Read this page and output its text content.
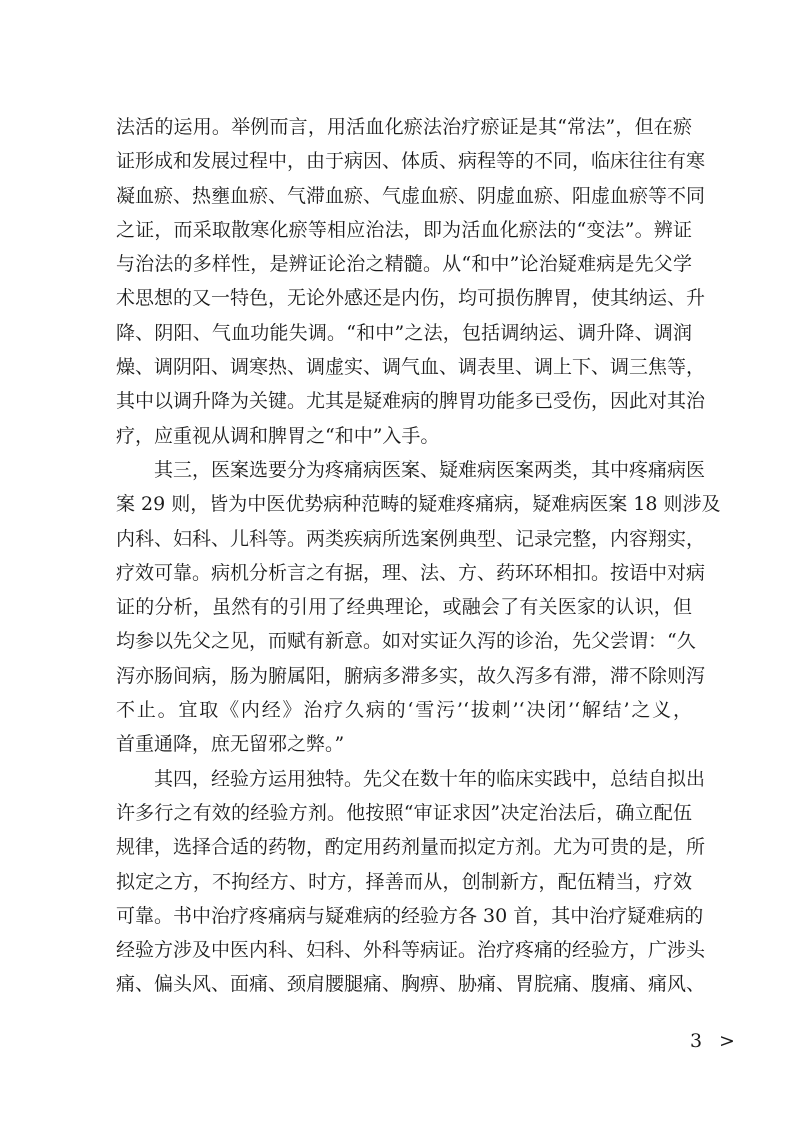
法活的运用。举例而言，用活血化瘀法治疗瘀证是其“常法”，但在瘀
证形成和发展过程中，由于病因、体质、病程等的不同，临床往往有寒
凝血瘀、热壅血瘀、气滞血瘀、气虚血瘀、阴虚血瘀、阳虚血瘀等不同
之证，而采取散寒化瘀等相应治法，即为活血化瘀法的“变法”。辨证
与治法的多样性，是辨证论治之精髓。从“和中”论治疑难病是先父学
术思想的又一特色，无论外感还是内伤，均可损伤脾胃，使其纳运、升
降、阴阳、气血功能失调。“和中”之法，包括调纳运、调升降、调润
燥、调阴阳、调寒热、调虚实、调气血、调表里、调上下、调三焦等，
其中以调升降为关键。尤其是疑难病的脾胃功能多已受伤，因此对其治
疗，应重视从调和脾胃之“和中”入手。
其三，医案选要分为疼痛病医案、疑难病医案两类，其中疼痛病医
案 29 则，皆为中医优势病种范畴的疑难疼痛病，疑难病医案 18 则涉及
内科、妇科、儿科等。两类疾病所选案例典型、记录完整，内容翔实，
疗效可靠。病机分析言之有据，理、法、方、药环环相扣。按语中对病
证的分析，虽然有的引用了经典理论，或融会了有关医家的认识，但
均参以先父之见，而赋有新意。如对实证久泻的诊治，先父尝谓：“久
泻亦肠间病，肠为腑属阳，腑病多滞多实，故久泻多有滞，滞不除则泻
不止。宜取《内经》治疗久病的‘雪污’‘拔刺’‘决闭’‘解结’之义，
首重通降，庶无留邪之弊。”
其四，经验方运用独特。先父在数十年的临床实践中，总结自拟出
许多行之有效的经验方剂。他按照“审证求因”决定治法后，确立配伍
规律，选择合适的药物，酌定用药剂量而拟定方剂。尤为可贵的是，所
拟定之方，不拘经方、时方，择善而从，创制新方，配伍精当，疗效
可靠。书中治疗疼痛病与疑难病的经验方各 30 首，其中治疗疑难病的
经验方涉及中医内科、妇科、外科等病证。治疗疼痛的经验方，广涉头
痛、偏头风、面痛、颈肩腰腿痛、胸痹、胁痛、胃脘痛、腹痛、痛风、
3 >
